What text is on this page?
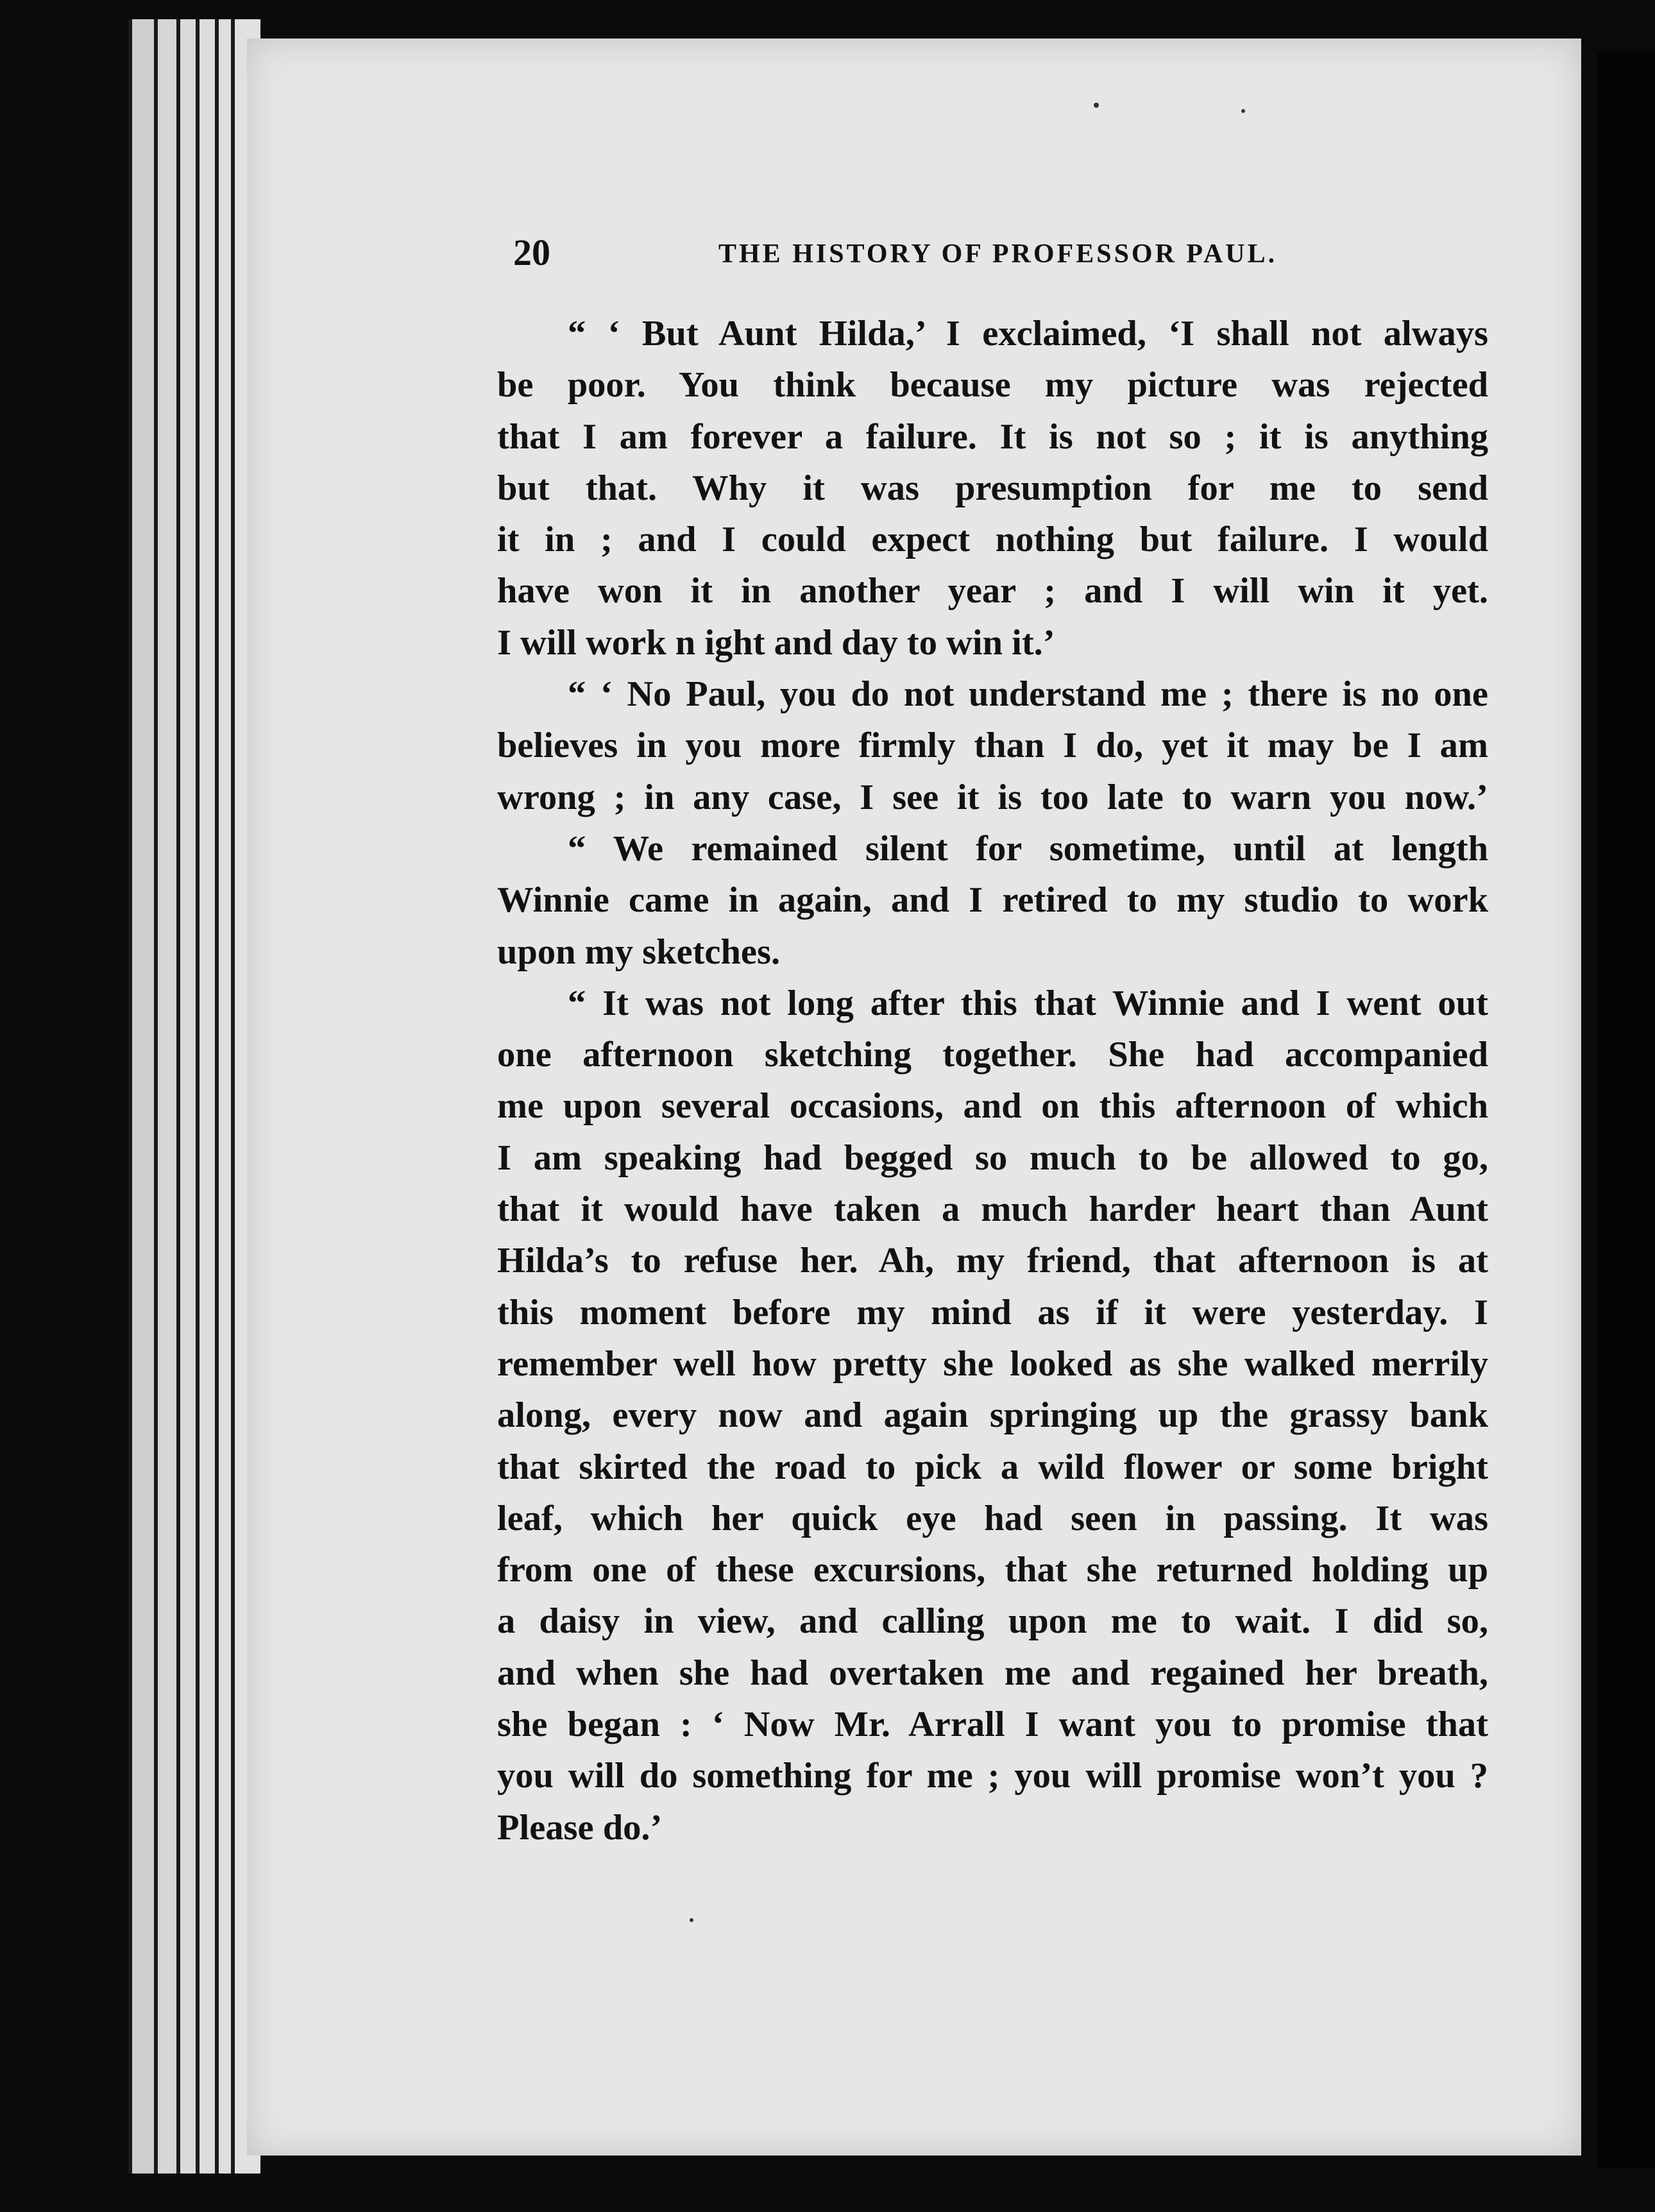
20	THE HISTORY OF PROFESSOR PAUL.
“ ‘ But Aunt Hilda,’ I exclaimed, ‘I shall not always
be poor. You think because my picture was rejected
that I am forever a failure. It is not so ; it is anything
but that. Why it was presumption for me to send
it in ; and I could expect nothing but failure. I would
have won it in another year ; and I will win it yet.
I will work n ight and day to win it.’
“ ‘ No Paul, you do not understand me ; there is no one
believes in you more firmly than I do, yet it may be I am
wrong ; in any case, I see it is too late to warn you now.’
“ We remained silent for sometime, until at length
Winnie came in again, and I retired to my studio to work
upon my sketches.
“ It was not long after this that Winnie and I went out
one afternoon sketching together. She had accompanied
me upon several occasions, and on this afternoon of which
I am speaking had begged so much to be allowed to go,
that it would have taken a much harder heart than Aunt
Hilda’s to refuse her. Ah, my friend, that afternoon is at
this moment before my mind as if it were yesterday. I
remember well how pretty she looked as she walked merrily
along, every now and again springing up the grassy bank
that skirted the road to pick a wild flower or some bright
leaf, which her quick eye had seen in passing. It was
from one of these excursions, that she returned holding up
a daisy in view, and calling upon me to wait. I did so,
and when she had overtaken me and regained her breath,
she began : ‘ Now Mr. Arrall I want you to promise that
you will do something for me ; you will promise won’t you ?
Please do.’
